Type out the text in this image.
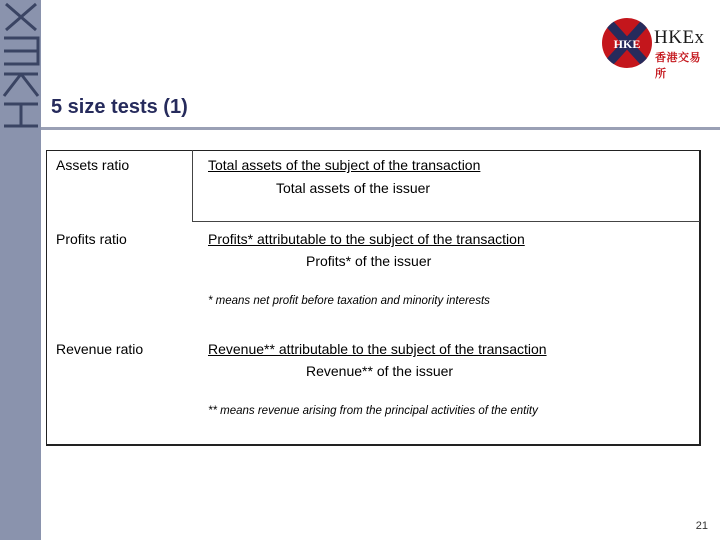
HKE HKEx
香港交易所
5 size tests (1)
Assets ratio	Total assets of the subject of the transaction
Total assets of the issuer
Profits ratio	Profits* attributable to the subject of the transaction
Profits* of the issuer
* means net profit before taxation and minority interests
Revenue ratio	Revenue** attributable to the subject of the transaction
Revenue** of the issuer
** means revenue arising from the principal activities of the entity
21
